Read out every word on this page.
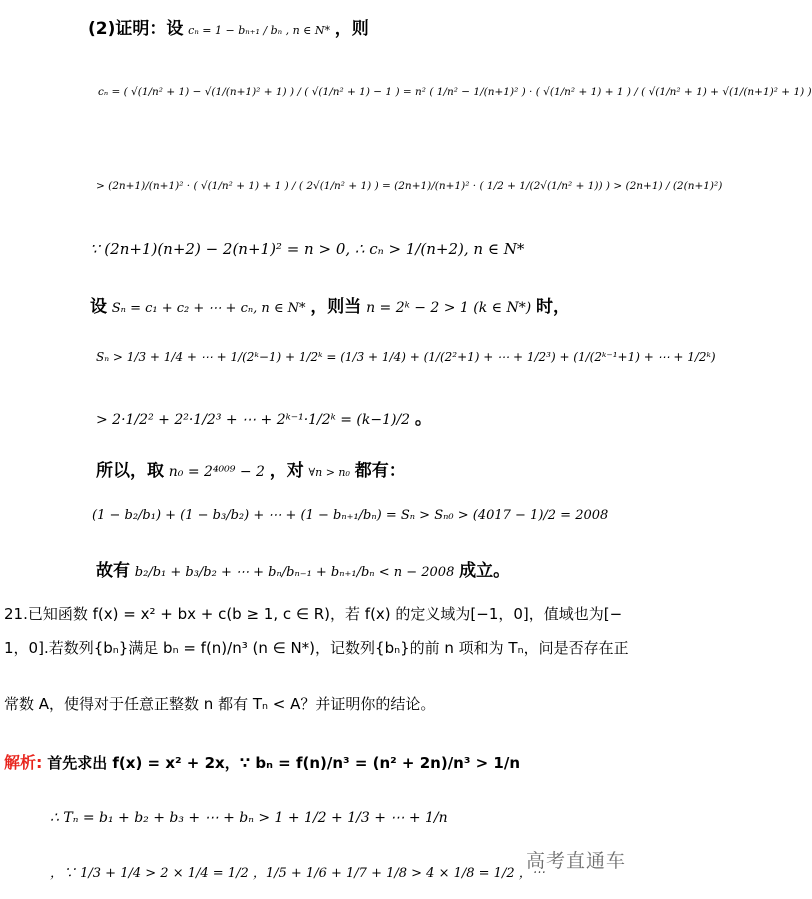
(2)证明：设 cₙ = 1 − bₙ₊₁ / bₙ , n ∈ N* ，则
cₙ = ( √(1/n² + 1) − √(1/(n+1)² + 1) ) / ( √(1/n² + 1) − 1 ) = n² ( 1/n² − 1/(n+1)² ) · ( √(1/n² + 1) + 1 ) / ( √(1/n² + 1) + √(1/(n+1)² + 1) )
> (2n+1)/(n+1)² · ( √(1/n² + 1) + 1 ) / ( 2√(1/n² + 1) ) = (2n+1)/(n+1)² · ( 1/2 + 1/(2√(1/n² + 1)) ) > (2n+1) / (2(n+1)²)
∵ (2n+1)(n+2) − 2(n+1)² = n > 0, ∴ cₙ > 1/(n+2), n ∈ N*
设 Sₙ = c₁ + c₂ + ⋯ + cₙ, n ∈ N* ，则当 n = 2ᵏ − 2 > 1 (k ∈ N*) 时，
Sₙ > 1/3 + 1/4 + ⋯ + 1/(2ᵏ−1) + 1/2ᵏ = (1/3 + 1/4) + (1/(2²+1) + ⋯ + 1/2³) + (1/(2ᵏ⁻¹+1) + ⋯ + 1/2ᵏ)
> 2·1/2² + 2²·1/2³ + ⋯ + 2ᵏ⁻¹·1/2ᵏ = (k−1)/2 。
所以，取 n₀ = 2⁴⁰⁰⁹ − 2 ，对 ∀n > n₀ 都有：
(1 − b₂/b₁) + (1 − b₃/b₂) + ⋯ + (1 − bₙ₊₁/bₙ) = Sₙ > Sₙ₀ > (4017 − 1)/2 = 2008
故有 b₂/b₁ + b₃/b₂ + ⋯ + bₙ/bₙ₋₁ + bₙ₊₁/bₙ < n − 2008 成立。
21.已知函数 f(x) = x² + bx + c(b ≥ 1, c ∈ R)，若 f(x) 的定义域为[−1，0]，值域也为[−
1，0].若数列{bₙ}满足 bₙ = f(n)/n³ (n ∈ N*)，记数列{bₙ}的前 n 项和为 Tₙ，问是否存在正
常数 A，使得对于任意正整数 n 都有 Tₙ < A？并证明你的结论。
解析: 首先求出 f(x) = x² + 2x，∵ bₙ = f(n)/n³ = (n² + 2n)/n³ > 1/n
∴ Tₙ = b₁ + b₂ + b₃ + ⋯ + bₙ > 1 + 1/2 + 1/3 + ⋯ + 1/n
，∵ 1/3 + 1/4 > 2 × 1/4 = 1/2 ，1/5 + 1/6 + 1/7 + 1/8 > 4 × 1/8 = 1/2 ，⋯
高考直通车
